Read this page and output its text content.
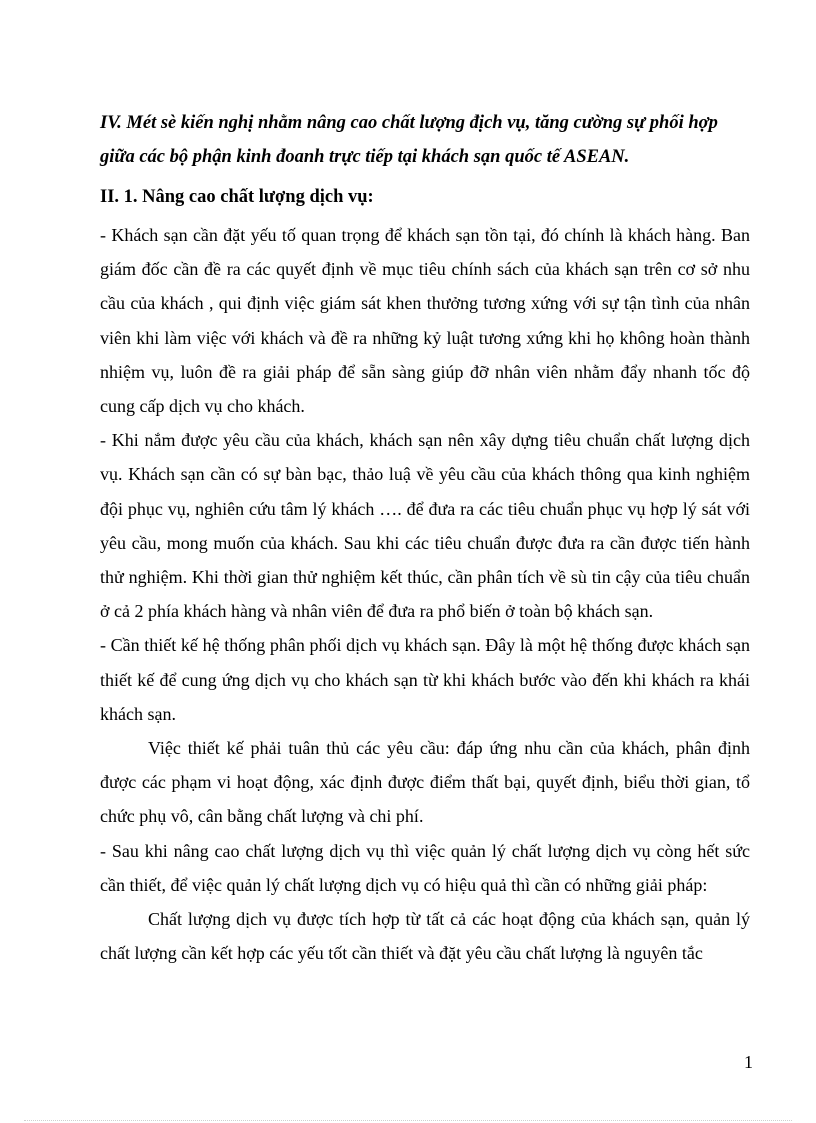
IV. Mét sè kiến nghị nhằm nâng cao chất lượng địch vụ, tăng cường sự phối hợp giữa các bộ phận kinh đoanh trực tiếp tại khách sạn quốc tế ASEAN.

II. 1. Nâng cao chất lượng dịch vụ:

- Khách sạn cần đặt yếu tố quan trọng để khách sạn tồn tại, đó chính là khách hàng. Ban giám đốc cần đề ra các quyết định về mục tiêu chính sách của khách sạn trên cơ sở nhu cầu của khách , qui định việc giám sát khen thưởng tương xứng với sự tận tình của nhân viên khi làm việc với khách và đề ra những kỷ luật tương xứng khi họ không hoàn thành nhiệm vụ, luôn đề ra giải pháp để sẵn sàng giúp đỡ nhân viên nhằm đẩy nhanh tốc độ cung cấp dịch vụ cho khách.

- Khi nắm được yêu cầu của khách, khách sạn nên xây dựng tiêu chuẩn chất lượng dịch vụ. Khách sạn cần có sự bàn bạc, thảo luậ về yêu cầu của khách thông qua kinh nghiệm đội phục vụ, nghiên cứu tâm lý khách …. để đưa ra các tiêu chuẩn phục vụ hợp lý sát với yêu cầu, mong muốn của khách. Sau khi các tiêu chuẩn được đưa ra cần được tiến hành thử nghiệm. Khi thời gian thử nghiệm kết thúc, cần phân tích về sù tin cậy của tiêu chuẩn ở cả 2 phía khách hàng và nhân viên để đưa ra phổ biến ở toàn bộ khách sạn.

- Cần thiết kế hệ thống phân phối dịch vụ khách sạn. Đây là một hệ thống được khách sạn thiết kế để cung ứng dịch vụ cho khách sạn từ khi khách bước vào đến khi khách ra khái khách sạn.

Việc thiết kế phải tuân thủ các yêu cầu: đáp ứng nhu cần của khách, phân định được các phạm vi hoạt động, xác định được điểm thất bại, quyết định, biểu thời gian, tổ chức phụ vô, cân bằng chất lượng và chi phí.

- Sau khi nâng cao chất lượng dịch vụ thì việc quản lý chất lượng dịch vụ còng hết sức cần thiết, để việc quản lý chất lượng dịch vụ có hiệu quả thì cần có những giải pháp:

Chất lượng dịch vụ được tích hợp từ tất cả các hoạt động của khách sạn, quản lý chất lượng cần kết hợp các yếu tốt cần thiết và đặt yêu cầu chất lượng là nguyên tắc

1
